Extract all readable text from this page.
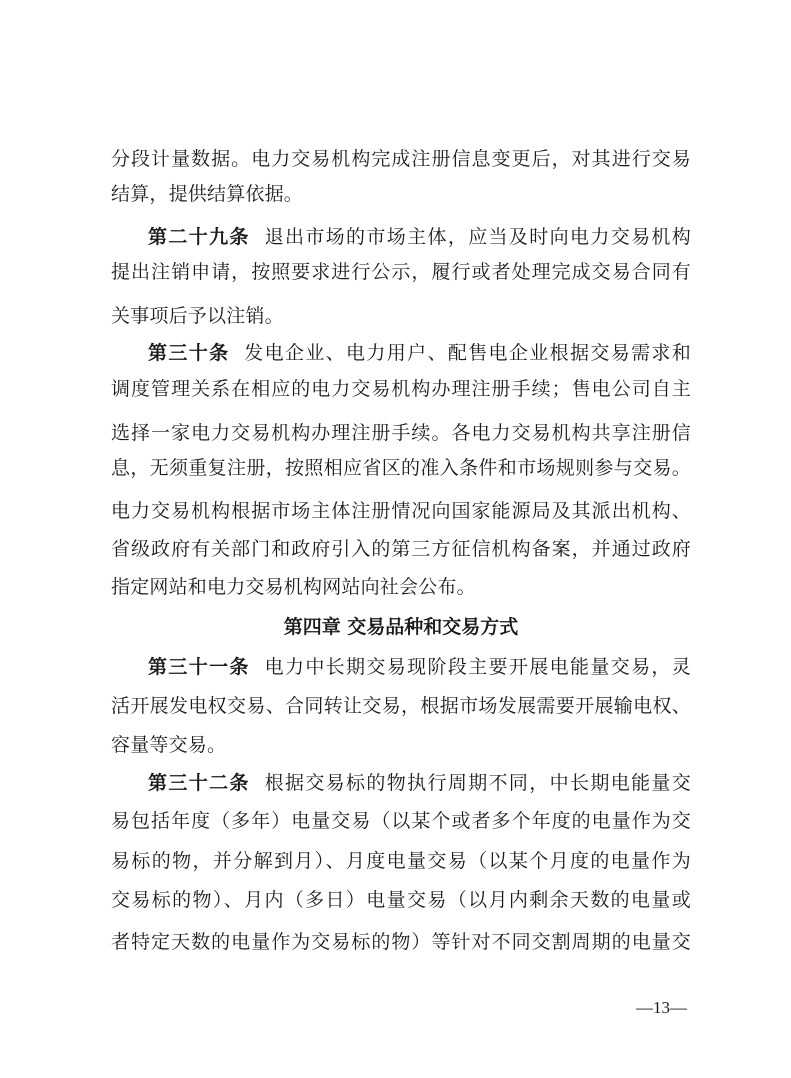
分段计量数据。电力交易机构完成注册信息变更后，对其进行交易
结算，提供结算依据。
第二十九条 退出市场的市场主体，应当及时向电力交易机构
提出注销申请，按照要求进行公示，履行或者处理完成交易合同有
关事项后予以注销。
第三十条 发电企业、电力用户、配售电企业根据交易需求和
调度管理关系在相应的电力交易机构办理注册手续；售电公司自主
选择一家电力交易机构办理注册手续。各电力交易机构共享注册信
息，无须重复注册，按照相应省区的准入条件和市场规则参与交易。
电力交易机构根据市场主体注册情况向国家能源局及其派出机构、
省级政府有关部门和政府引入的第三方征信机构备案，并通过政府
指定网站和电力交易机构网站向社会公布。
第四章 交易品种和交易方式
第三十一条 电力中长期交易现阶段主要开展电能量交易，灵
活开展发电权交易、合同转让交易，根据市场发展需要开展输电权、
容量等交易。
第三十二条 根据交易标的物执行周期不同，中长期电能量交
易包括年度（多年）电量交易（以某个或者多个年度的电量作为交
易标的物，并分解到月）、月度电量交易（以某个月度的电量作为
交易标的物）、月内（多日）电量交易（以月内剩余天数的电量或
者特定天数的电量作为交易标的物）等针对不同交割周期的电量交
—13—
